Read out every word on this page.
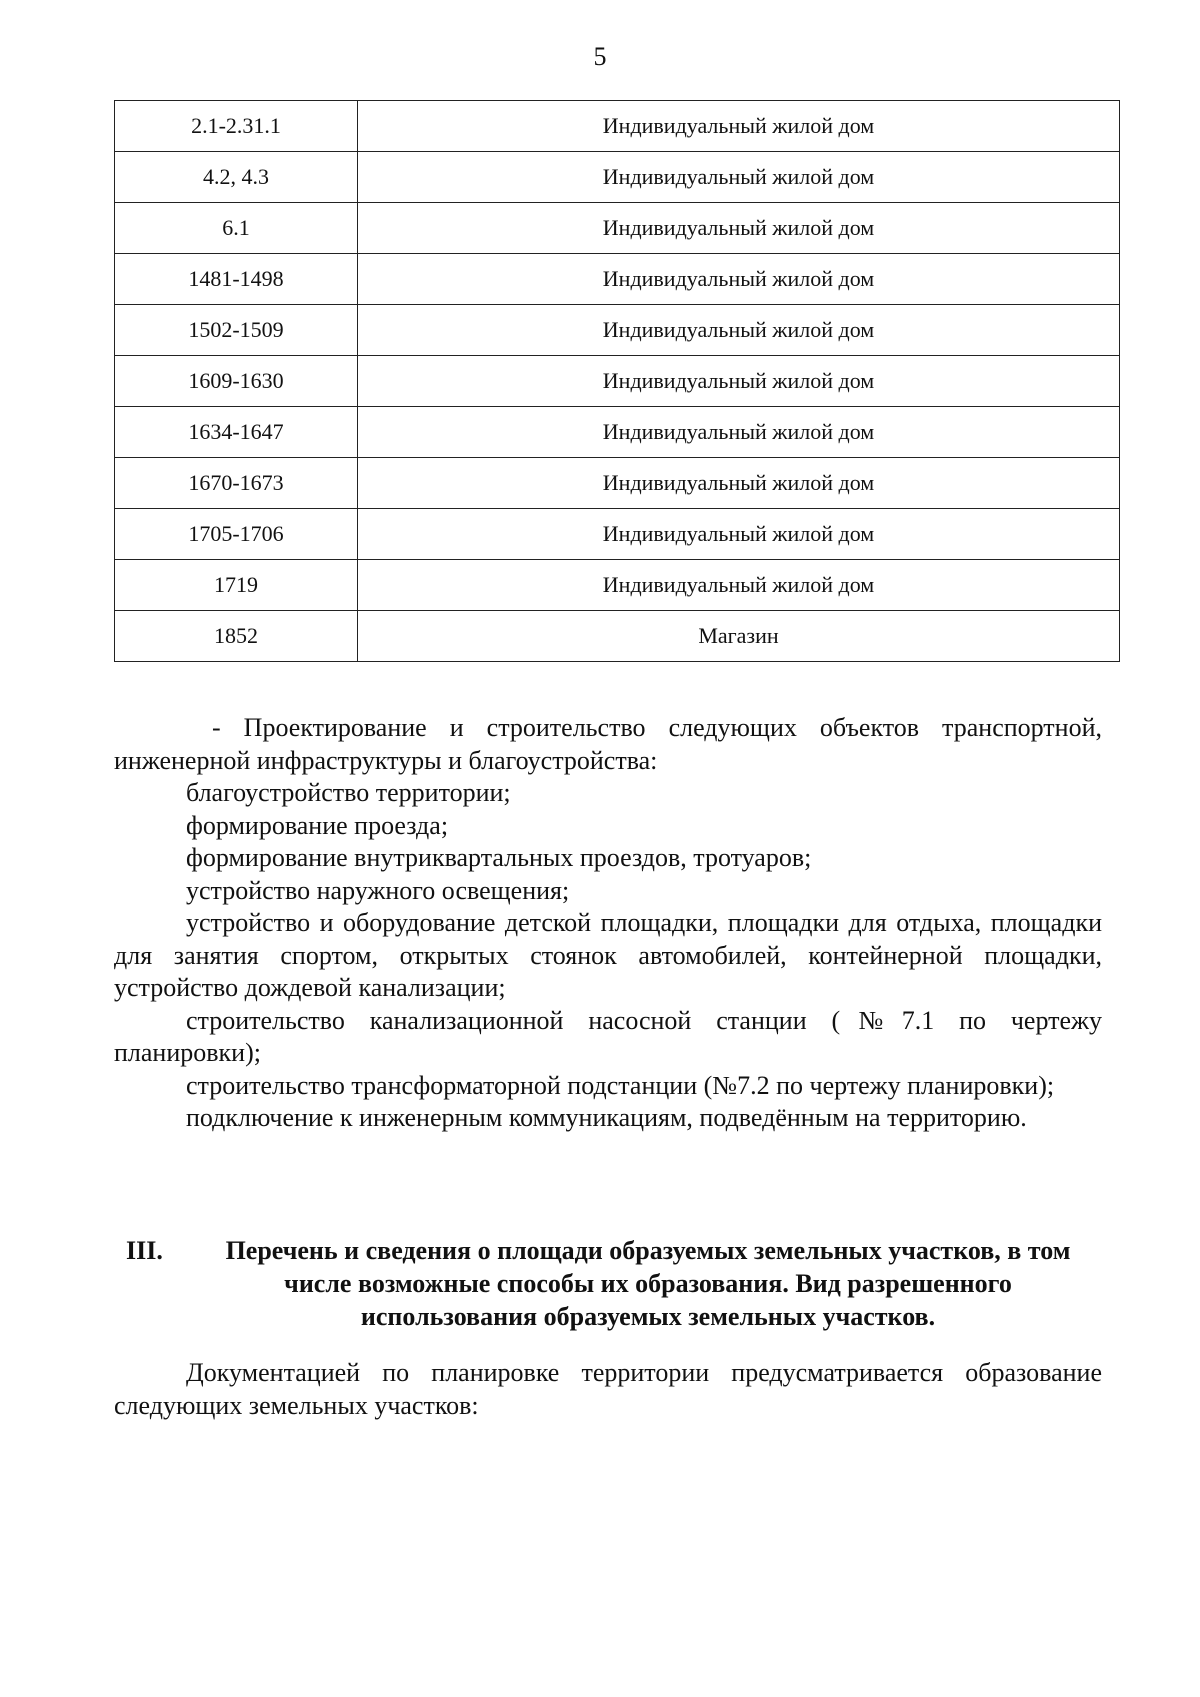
5
2.1-2.31.1	Индивидуальный жилой дом
4.2, 4.3	Индивидуальный жилой дом
6.1	Индивидуальный жилой дом
1481-1498	Индивидуальный жилой дом
1502-1509	Индивидуальный жилой дом
1609-1630	Индивидуальный жилой дом
1634-1647	Индивидуальный жилой дом
1670-1673	Индивидуальный жилой дом
1705-1706	Индивидуальный жилой дом
1719	Индивидуальный жилой дом
1852	Магазин

- Проектирование и строительство следующих объектов транспортной, инженерной инфраструктуры и благоустройства:

благоустройство территории;

формирование проезда;

формирование внутриквартальных проездов, тротуаров;

устройство наружного освещения;

устройство и оборудование детской площадки, площадки для отдыха, площадки для занятия спортом, открытых стоянок автомобилей, контейнерной площадки, устройство дождевой канализации;

строительство канализационной насосной станции (№7.1 по чертежу планировки);

строительство трансформаторной подстанции (№7.2 по чертежу планировки);

подключение к инженерным коммуникациям, подведённым на территорию.

III.	Перечень и сведения о площади образуемых земельных участков, в том числе возможные способы их образования. Вид разрешенного использования образуемых земельных участков.

Документацией по планировке территории предусматривается образование следующих земельных участков:
